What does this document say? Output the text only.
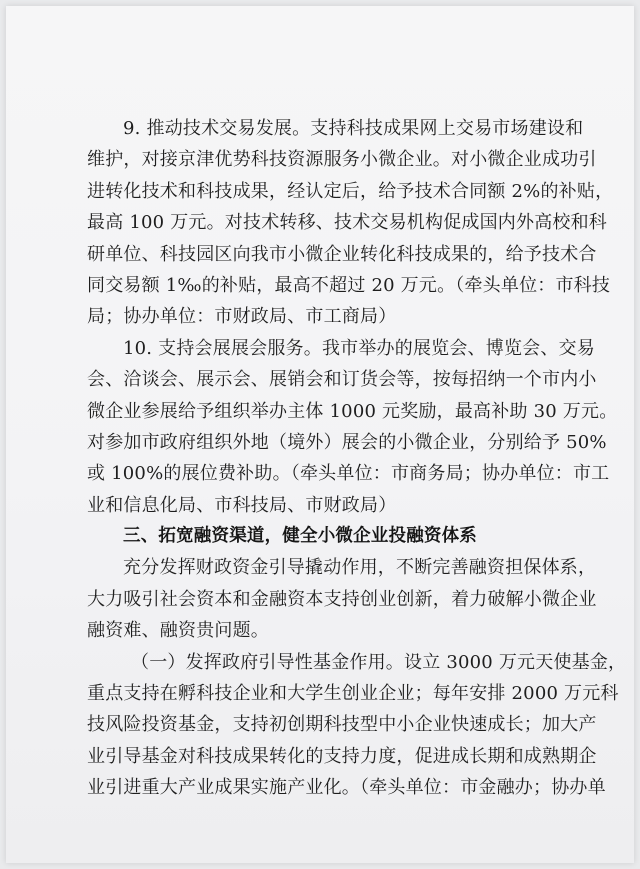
9. 推动技术交易发展。支持科技成果网上交易市场建设和
维护，对接京津优势科技资源服务小微企业。对小微企业成功引
进转化技术和科技成果，经认定后，给予技术合同额 2%的补贴，
最高 100 万元。对技术转移、技术交易机构促成国内外高校和科
研单位、科技园区向我市小微企业转化科技成果的，给予技术合
同交易额 1‰的补贴，最高不超过 20 万元。（牵头单位：市科技
局；协办单位：市财政局、市工商局）
10. 支持会展展会服务。我市举办的展览会、博览会、交易
会、洽谈会、展示会、展销会和订货会等，按每招纳一个市内小
微企业参展给予组织举办主体 1000 元奖励，最高补助 30 万元。
对参加市政府组织外地（境外）展会的小微企业，分别给予 50%
或 100%的展位费补助。（牵头单位：市商务局；协办单位：市工
业和信息化局、市科技局、市财政局）
三、拓宽融资渠道，健全小微企业投融资体系
充分发挥财政资金引导撬动作用，不断完善融资担保体系，
大力吸引社会资本和金融资本支持创业创新，着力破解小微企业
融资难、融资贵问题。
（一）发挥政府引导性基金作用。设立 3000 万元天使基金，
重点支持在孵科技企业和大学生创业企业；每年安排 2000 万元科
技风险投资基金，支持初创期科技型中小企业快速成长；加大产
业引导基金对科技成果转化的支持力度，促进成长期和成熟期企
业引进重大产业成果实施产业化。（牵头单位：市金融办；协办单
